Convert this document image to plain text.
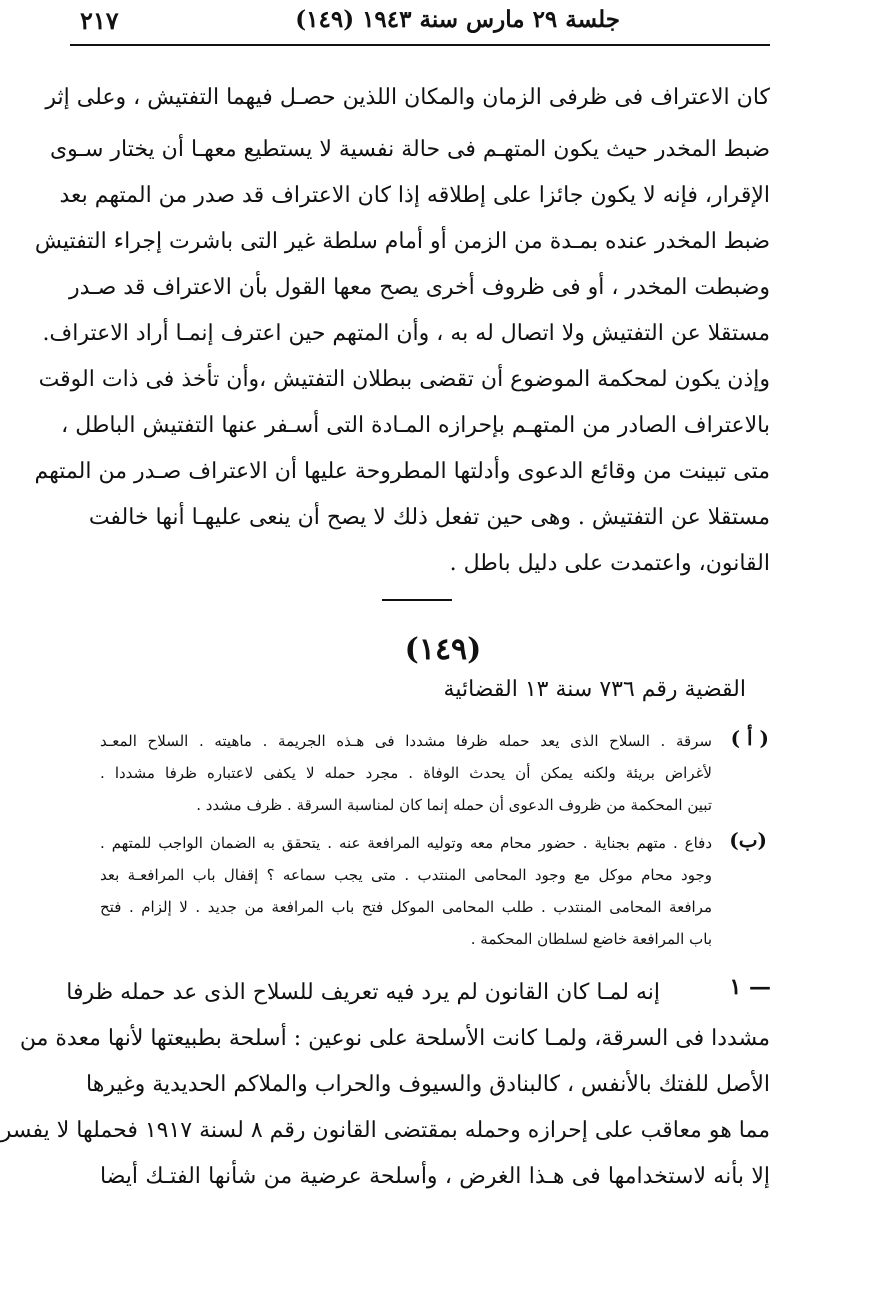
جلسة ٢٩ مارس سنة ١٩٤٣ (١٤٩)
٢١٧
كان الاعتراف فى ظرفى الزمان والمكان اللذين حصـل فيهما التفتيش ، وعلى إثر
ضبط المخدر حيث يكون المتهـم فى حالة نفسية لا يستطيع معهـا أن يختار سـوى
الإقرار، فإنه لا يكون جائزا على إطلاقه إذا كان الاعتراف قد صدر من المتهم بعد
ضبط المخدر عنده بمـدة من الزمن أو أمام سلطة غير التى باشرت إجراء التفتيش
وضبطت المخدر ، أو فى ظروف أخرى يصح معها القول بأن الاعتراف قد صـدر
مستقلا عن التفتيش ولا اتصال له به ، وأن المتهم حين اعترف إنمـا أراد الاعتراف.
وإذن يكون لمحكمة الموضوع أن تقضى ببطلان التفتيش ،وأن تأخذ فى ذات الوقت
بالاعتراف الصادر من المتهـم بإحرازه المـادة التى أسـفر عنها التفتيش الباطل ،
متى تبينت من وقائع الدعوى وأدلتها المطروحة عليها أن الاعتراف صـدر من المتهم
مستقلا عن التفتيش . وهى حين تفعل ذلك لا يصح أن ينعى عليهـا أنها خالفت
القانون، واعتمدت على دليل باطل .
(١٤٩)
القضية رقم ٧٣٦ سنة ١٣ القضائية
( أ )
سرقة . السلاح الذى يعد حمله ظرفا مشددا فى هـذه الجريمة . ماهيته . السلاح المعـد
لأغراض بريئة ولكنه يمكن أن يحدث الوفاة . مجرد حمله لا يكفى لاعتباره ظرفا مشددا .
تبين المحكمة من ظروف الدعوى أن حمله إنما كان لمناسبة السرقة . ظرف مشدد .
(ب)
دفاع . متهم بجناية . حضور محام معه وتوليه المرافعة عنه . يتحقق به الضمان الواجب للمتهم .
وجود محام موكل مع وجود المحامى المنتدب . متى يجب سماعه ؟ إقفال باب المرافعـة بعد
مرافعة المحامى المنتدب . طلب المحامى الموكل فتح باب المرافعة من جديد . لا إلزام . فتح
باب المرافعة خاضع لسلطان المحكمة .
١ —
إنه لمـا كان القانون لم يرد فيه تعريف للسلاح الذى عد حمله ظرفا
مشددا فى السرقة، ولمـا كانت الأسلحة على نوعين : أسلحة بطبيعتها لأنها معدة من
الأصل للفتك بالأنفس ، كالبنادق والسيوف والحراب والملاكم الحديدية وغيرها
مما هو معاقب على إحرازه وحمله بمقتضى القانون رقم ٨ لسنة ١٩١٧ فحملها لا يفسر
إلا بأنه لاستخدامها فى هـذا الغرض ، وأسلحة عرضية من شأنها الفتـك أيضا
